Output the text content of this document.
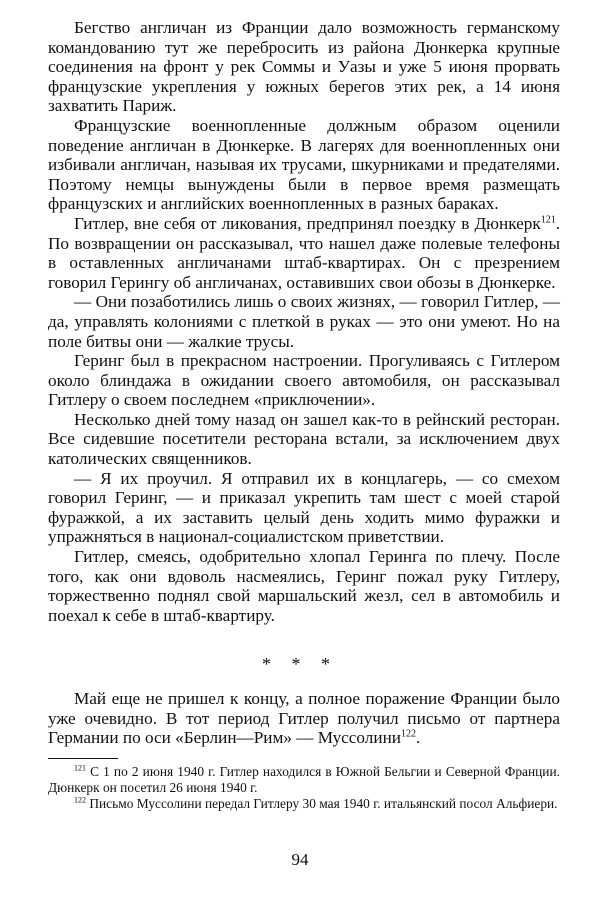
Бегство англичан из Франции дало возможность германскому командованию тут же перебросить из района Дюнкерка крупные соединения на фронт у рек Соммы и Уазы и уже 5 июня прорвать французские укрепления у южных берегов этих рек, а 14 июня захватить Париж.

Французские военнопленные должным образом оценили поведение англичан в Дюнкерке. В лагерях для военнопленных они избивали англичан, называя их трусами, шкурниками и предателями. Поэтому немцы вынуждены были в первое время размещать французских и английских военнопленных в разных бараках.

Гитлер, вне себя от ликования, предпринял поездку в Дюнкерк$^{121}$. По возвращении он рассказывал, что нашел даже полевые телефоны в оставленных англичанами штаб-квартирах. Он с презрением говорил Герингу об англичанах, оставивших свои обозы в Дюнкерке.

— Они позаботились лишь о своих жизнях, — говорил Гитлер, — да, управлять колониями с плеткой в руках — это они умеют. Но на поле битвы они — жалкие трусы.

Геринг был в прекрасном настроении. Прогуливаясь с Гитлером около блиндажа в ожидании своего автомобиля, он рассказывал Гитлеру о своем последнем «приключении».

Несколько дней тому назад он зашел как-то в рейнский ресторан. Все сидевшие посетители ресторана встали, за исключением двух католических священников.

— Я их проучил. Я отправил их в концлагерь, — со смехом говорил Геринг, — и приказал укрепить там шест с моей старой фуражкой, а их заставить целый день ходить мимо фуражки и упражняться в национал-социалистском приветствии.

Гитлер, смеясь, одобрительно хлопал Геринга по плечу. После того, как они вдоволь насмеялись, Геринг пожал руку Гитлеру, торжественно поднял свой маршальский жезл, сел в автомобиль и поехал к себе в штаб-квартиру.

* * *

Май еще не пришел к концу, а полное поражение Франции было уже очевидно. В тот период Гитлер получил письмо от партнера Германии по оси «Берлин—Рим» — Муссолини$^{122}$.

$^{121}$ С 1 по 2 июня 1940 г. Гитлер находился в Южной Бельгии и Северной Франции. Дюнкерк он посетил 26 июня 1940 г.

$^{122}$ Письмо Муссолини передал Гитлеру 30 мая 1940 г. итальянский посол Альфиери.

94
